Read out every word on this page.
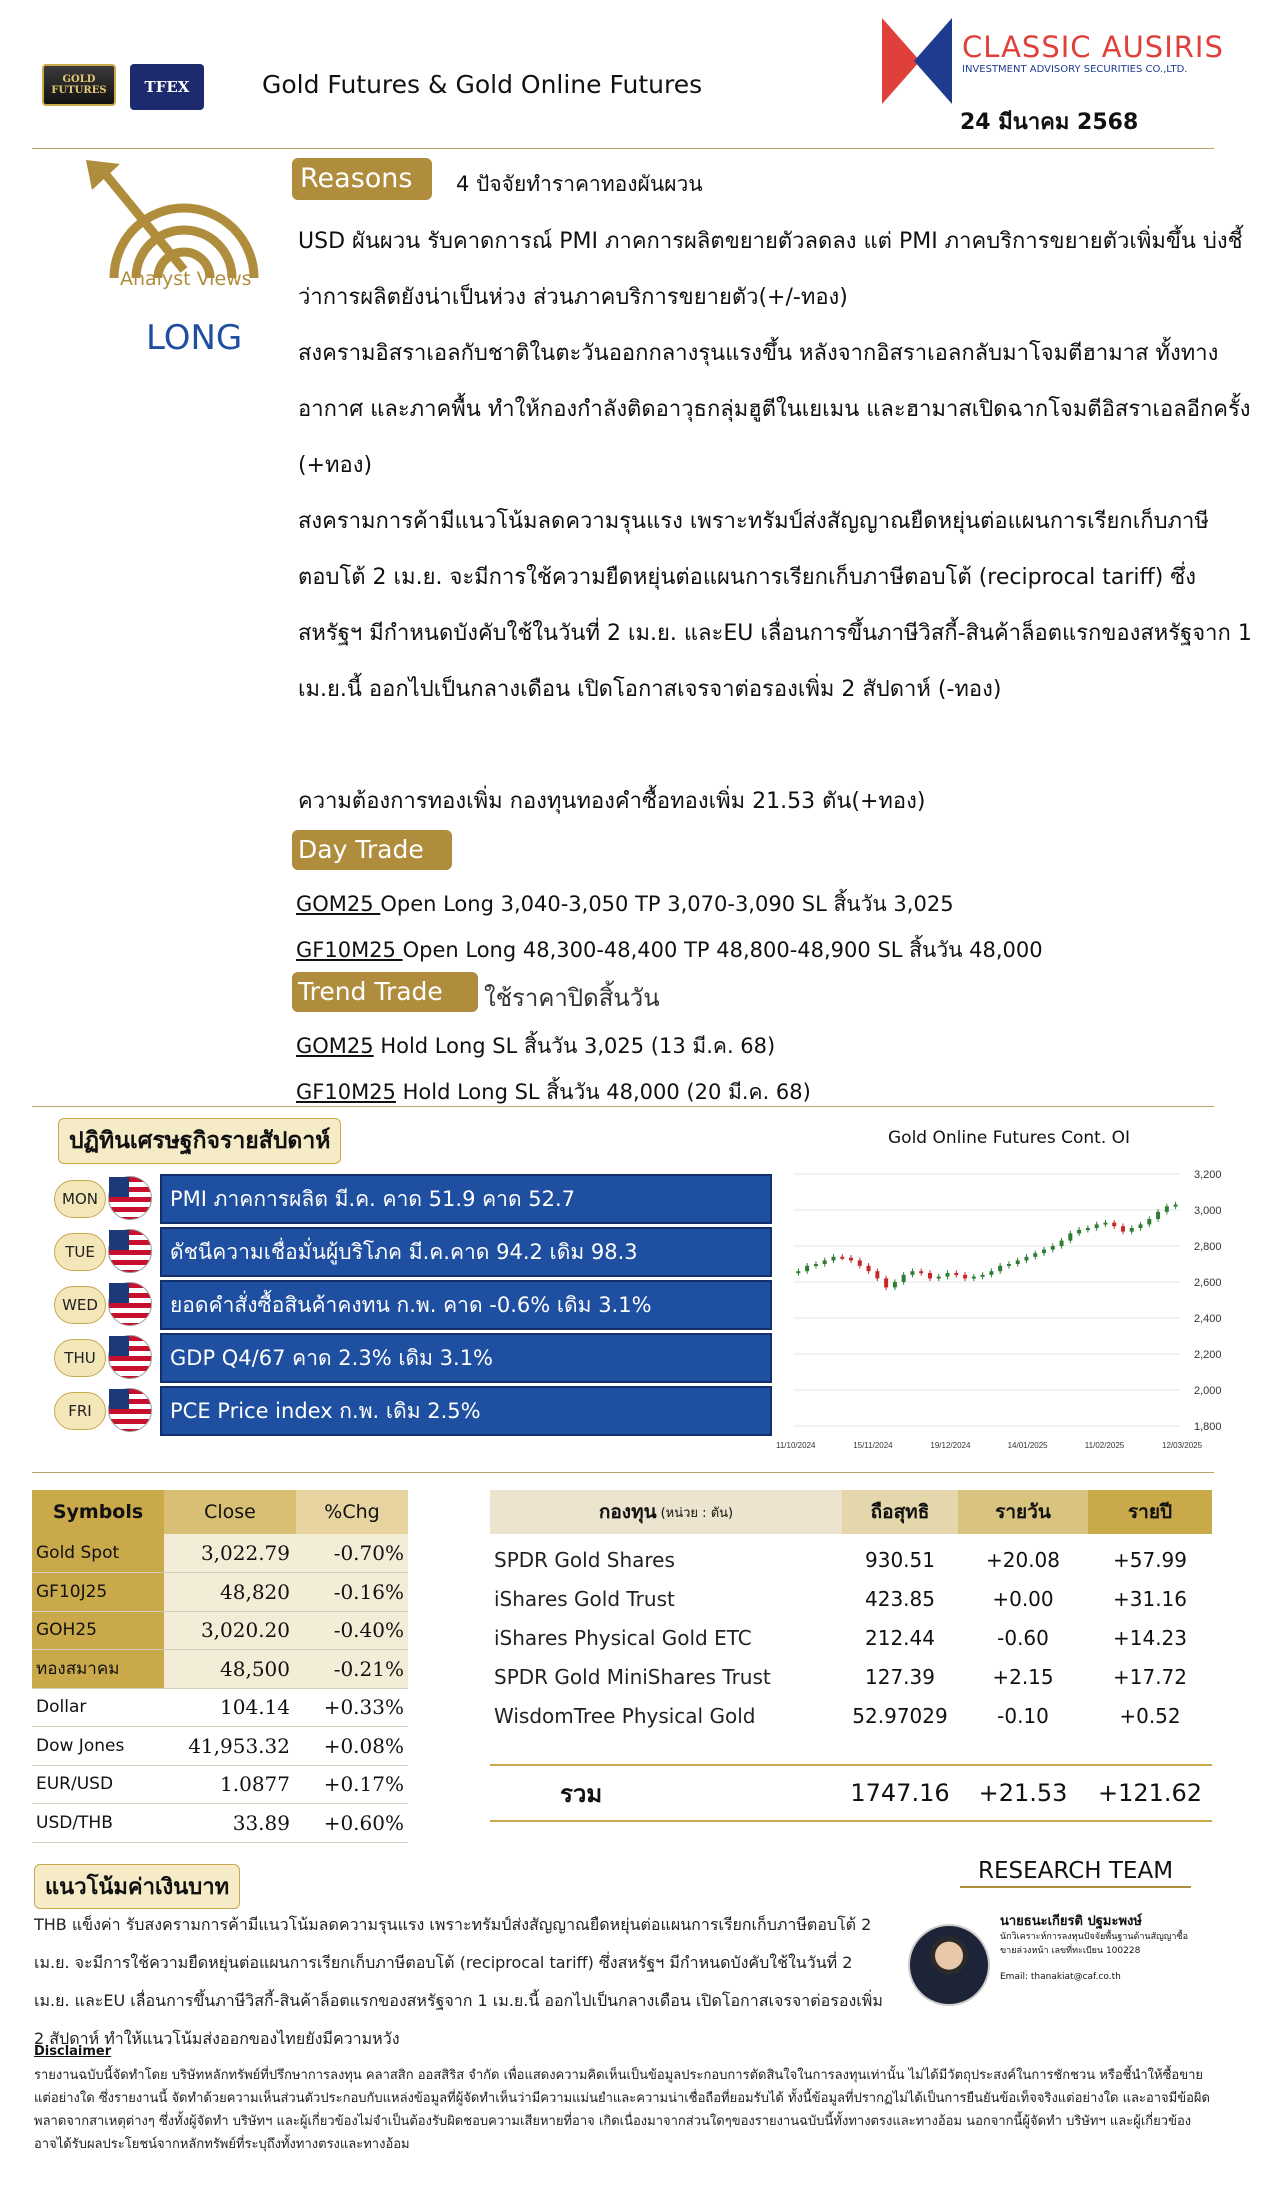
GOLD FUTURES	TFEX	Gold Futures & Gold Online Futures
CLASSIC AUSIRIS
INVESTMENT ADVISORY SECURITIES CO.,LTD.
24 มีนาคม 2568
Analyst Views
LONG
Reasons	4 ปัจจัยทำราคาทองผันผวน
USD ผันผวน รับคาดการณ์ PMI ภาคการผลิตขยายตัวลดลง แต่ PMI ภาคบริการขยายตัวเพิ่มขึ้น บ่งชี้ว่าการผลิตยังน่าเป็นห่วง ส่วนภาคบริการขยายตัว(+/-ทอง)
สงครามอิสราเอลกับชาติในตะวันออกกลางรุนแรงขึ้น หลังจากอิสราเอลกลับมาโจมตีฮามาส ทั้งทางอากาศ และภาคพื้น ทำให้กองกำลังติดอาวุธกลุ่มฮูตีในเยเมน และฮามาสเปิดฉากโจมตีอิสราเอลอีกครั้ง (+ทอง)
สงครามการค้ามีแนวโน้มลดความรุนแรง เพราะทรัมป์ส่งสัญญาณยืดหยุ่นต่อแผนการเรียกเก็บภาษีตอบโต้ 2 เม.ย. จะมีการใช้ความยืดหยุ่นต่อแผนการเรียกเก็บภาษีตอบโต้ (reciprocal tariff) ซึ่งสหรัฐฯ มีกำหนดบังคับใช้ในวันที่ 2 เม.ย. และEU เลื่อนการขึ้นภาษีวิสกี้-สินค้าล็อตแรกของสหรัฐจาก 1 เม.ย.นี้ ออกไปเป็นกลางเดือน เปิดโอกาสเจรจาต่อรองเพิ่ม 2 สัปดาห์ (-ทอง)
ความต้องการทองเพิ่ม กองทุนทองคำซื้อทองเพิ่ม 21.53 ตัน(+ทอง)
Day Trade
GOM25 Open Long 3,040-3,050 TP 3,070-3,090 SL สิ้นวัน 3,025
GF10M25 Open Long 48,300-48,400 TP 48,800-48,900 SL สิ้นวัน 48,000
Trend Trade	ใช้ราคาปิดสิ้นวัน
GOM25 Hold Long SL สิ้นวัน 3,025 (13 มี.ค. 68)
GF10M25 Hold Long SL สิ้นวัน 48,000 (20 มี.ค. 68)
ปฏิทินเศรษฐกิจรายสัปดาห์
MON	PMI ภาคการผลิต มี.ค. คาด 51.9 คาด 52.7
TUE	ดัชนีความเชื่อมั่นผู้บริโภค มี.ค.คาด 94.2 เดิม 98.3
WED	ยอดคำสั่งซื้อสินค้าคงทน ก.พ. คาด -0.6% เดิม 3.1%
THU	GDP Q4/67 คาด 2.3% เดิม 3.1%
FRI	PCE Price index ก.พ. เดิม 2.5%
Gold Online Futures Cont. OI
3,200
3,000
2,800
2,600
2,400
2,200
2,000
1,800
11/10/2024	15/11/2024	19/12/2024	14/01/2025	11/02/2025	12/03/2025
Symbols	Close	%Chg
Gold Spot	3,022.79	-0.70%
GF10J25	48,820	-0.16%
GOH25	3,020.20	-0.40%
ทองสมาคม	48,500	-0.21%
Dollar	104.14	+0.33%
Dow Jones	41,953.32	+0.08%
EUR/USD	1.0877	+0.17%
USD/THB	33.89	+0.60%
กองทุน (หน่วย : ตัน)	ถือสุทธิ	รายวัน	รายปี
SPDR Gold Shares	930.51	+20.08	+57.99
iShares Gold Trust	423.85	+0.00	+31.16
iShares Physical Gold ETC	212.44	-0.60	+14.23
SPDR Gold MiniShares Trust	127.39	+2.15	+17.72
WisdomTree Physical Gold	52.97029	-0.10	+0.52
รวม	1747.16	+21.53	+121.62
แนวโน้มค่าเงินบาท
THB แข็งค่า รับสงครามการค้ามีแนวโน้มลดความรุนแรง เพราะทรัมป์ส่งสัญญาณยืดหยุ่นต่อแผนการเรียกเก็บภาษีตอบโต้ 2 เม.ย. จะมีการใช้ความยืดหยุ่นต่อแผนการเรียกเก็บภาษีตอบโต้ (reciprocal tariff) ซึ่งสหรัฐฯ มีกำหนดบังคับใช้ในวันที่ 2 เม.ย. และEU เลื่อนการขึ้นภาษีวิสกี้-สินค้าล็อตแรกของสหรัฐจาก 1 เม.ย.นี้ ออกไปเป็นกลางเดือน เปิดโอกาสเจรจาต่อรองเพิ่ม 2 สัปดาห์ ทำให้แนวโน้มส่งออกของไทยยังมีความหวัง
RESEARCH TEAM
นายธนะเกียรติ ปฐมะพงษ์
นักวิเคราะห์การลงทุนปัจจัยพื้นฐานด้านสัญญาซื้อขายล่วงหน้า เลขที่ทะเบียน 100228
Email: thanakiat@caf.co.th
Disclaimer
รายงานฉบับนี้จัดทำโดย บริษัทหลักทรัพย์ที่ปรึกษาการลงทุน คลาสสิก ออสสิริส จำกัด เพื่อแสดงความคิดเห็นเป็นข้อมูลประกอบการตัดสินใจในการลงทุนเท่านั้น ไม่ได้มีวัตถุประสงค์ในการชักชวน หรือชี้นำให้ซื้อขายแต่อย่างใด ซึ่งรายงานนี้ จัดทำด้วยความเห็นส่วนตัวประกอบกับแหล่งข้อมูลที่ผู้จัดทำเห็นว่ามีความแม่นยำและความน่าเชื่อถือที่ยอมรับได้ ทั้งนี้ข้อมูลที่ปรากฏไม่ได้เป็นการยืนยันข้อเท็จจริงแต่อย่างใด และอาจมีข้อผิดพลาดจากสาเหตุต่างๆ ซึ่งทั้งผู้จัดทำ บริษัทฯ และผู้เกี่ยวข้องไม่จำเป็นต้องรับผิดชอบความเสียหายที่อาจ เกิดเนื่องมาจากส่วนใดๆของรายงานฉบับนี้ทั้งทางตรงและทางอ้อม นอกจากนี้ผู้จัดทำ บริษัทฯ และผู้เกี่ยวข้อง อาจได้รับผลประโยชน์จากหลักทรัพย์ที่ระบุถึงทั้งทางตรงและทางอ้อม
